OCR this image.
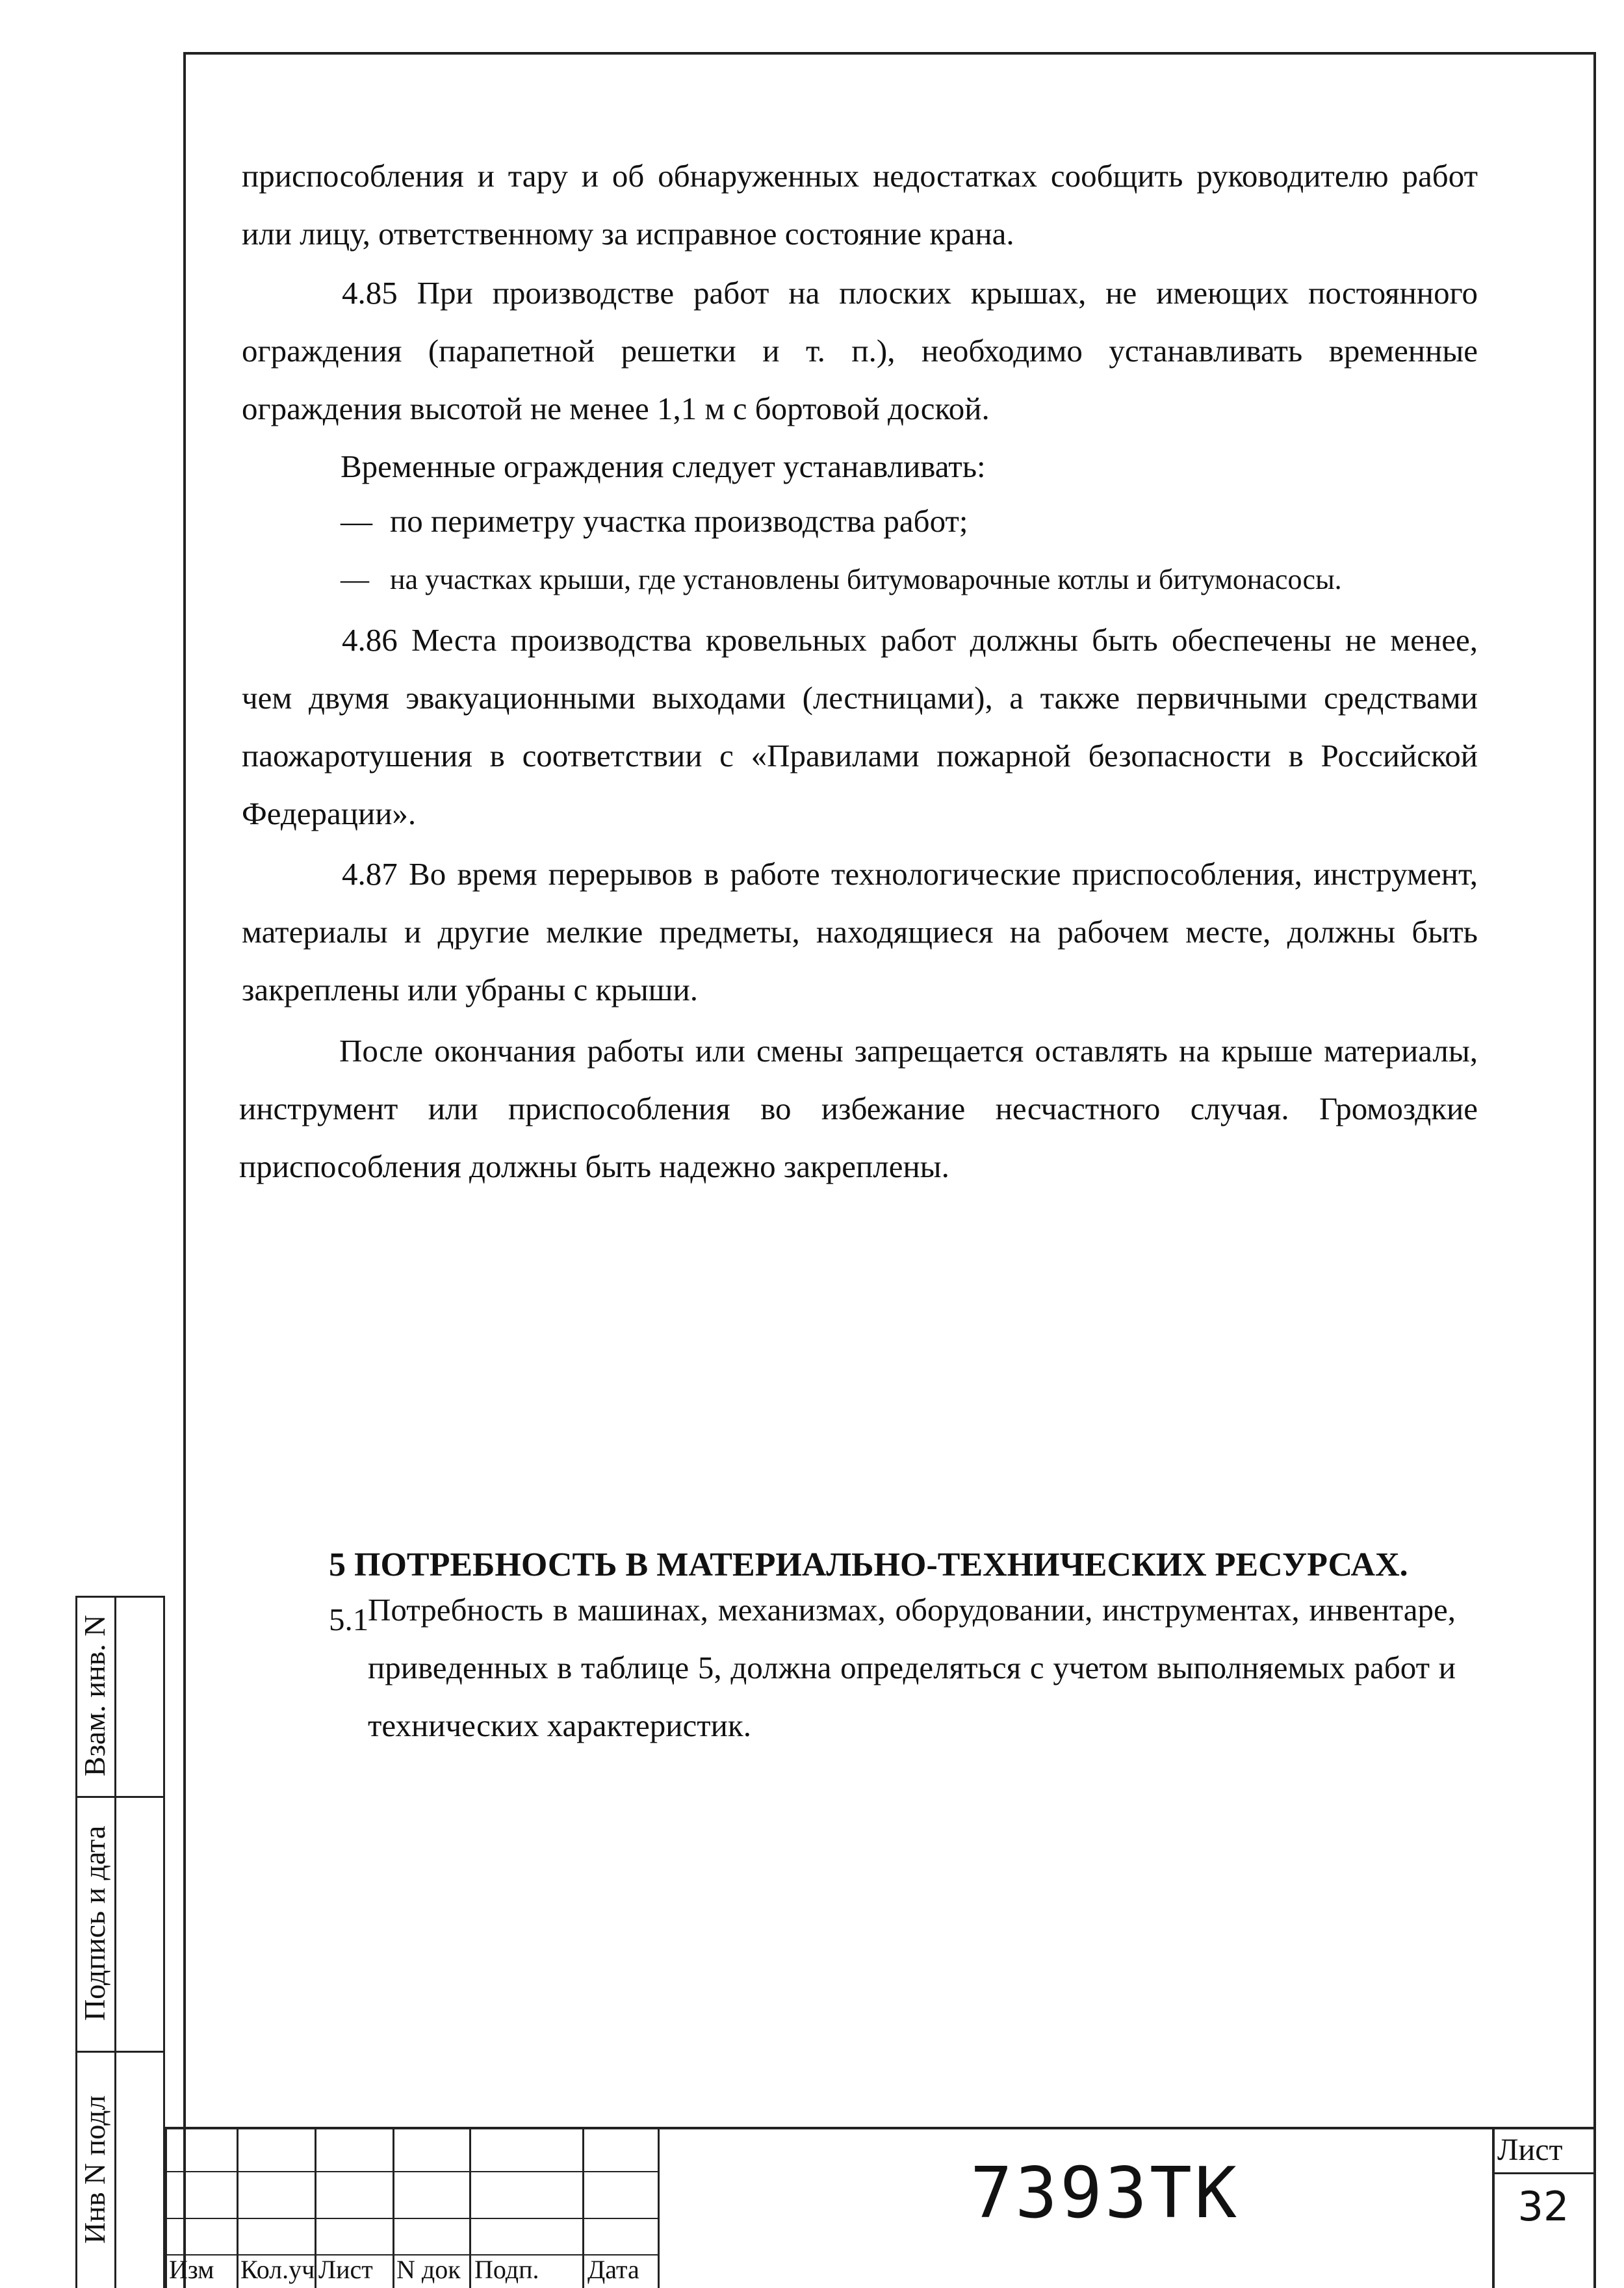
приспособления и тару и об обнаруженных недостатках сообщить руководителю работ или лицу, ответственному за исправное состояние крана.

4.85 При производстве работ на плоских крышах, не имеющих постоянного ограждения (парапетной решетки и т. п.), необходимо устанавливать временные ограждения высотой не менее 1,1 м с бортовой доской.

Временные ограждения следует устанавливать:

— по периметру участка производства работ;

— на участках крыши, где установлены битумоварочные котлы и битумонасосы.

4.86 Места производства кровельных работ должны быть обеспечены не менее, чем двумя эвакуационными выходами (лестницами), а также первичными средствами паожаротушения в соответствии с «Правилами пожарной безопасности в Российской Федерации».

4.87 Во время перерывов в работе технологические приспособления, инструмент, материалы и другие мелкие предметы, находящиеся на рабочем месте, должны быть закреплены или убраны с крыши.

После окончания работы или смены запрещается оставлять на крыше материалы, инструмент или приспособления во избежание несчастного случая. Громоздкие приспособления должны быть надежно закреплены.

5 ПОТРЕБНОСТЬ В МАТЕРИАЛЬНО-ТЕХНИЧЕСКИХ РЕСУРСАХ.

5.1

Потребность в машинах, механизмах, оборудовании, инструментах, инвентаре, приведенных в таблице 5, должна определяться с учетом выполняемых работ и технических характеристик.

Взам. инв. N
Подпись и дата
Инв N подл
Изм	Кол.уч Лист N док Подп.	Дата
7393ТК
Лист
32
